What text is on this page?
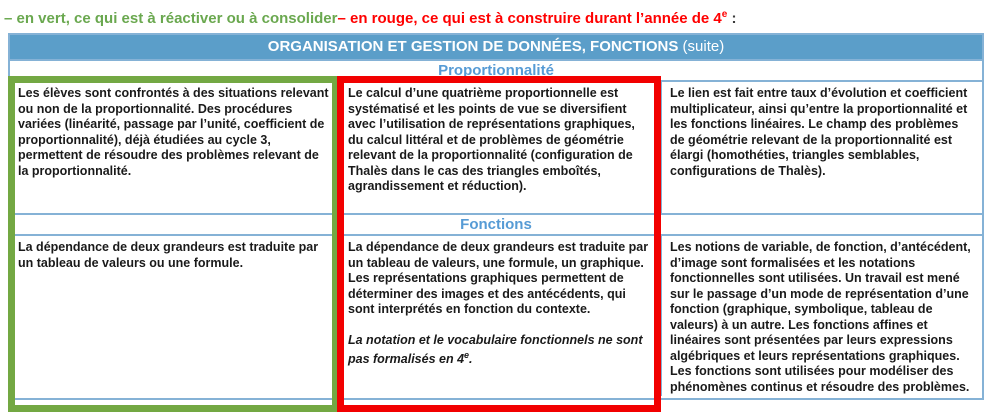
– en vert, ce qui est à réactiver ou à consolider– en rouge, ce qui est à construire durant l’année de 4e :

ORGANISATION ET GESTION DE DONNÉES, FONCTIONS (suite)
Proportionnalité
Les élèves sont confrontés à des situations relevant ou non de la proportionnalité. Des procédures variées (linéarité, passage par l’unité, coefficient de proportionnalité), déjà étudiées au cycle 3, permettent de résoudre des problèmes relevant de la proportionnalité.
Le calcul d’une quatrième proportionnelle est systématisé et les points de vue se diversifient avec l’utilisation de représentations graphiques, du calcul littéral et de problèmes de géométrie relevant de la proportionnalité (configuration de Thalès dans le cas des triangles emboîtés, agrandissement et réduction).
Le lien est fait entre taux d’évolution et coefficient multiplicateur, ainsi qu’entre la proportionnalité et les fonctions linéaires. Le champ des problèmes de géométrie relevant de la proportionnalité est élargi (homothéties, triangles semblables, configurations de Thalès).
Fonctions
La dépendance de deux grandeurs est traduite par un tableau de valeurs ou une formule.

La dépendance de deux grandeurs est traduite par un tableau de valeurs, une formule, un graphique. Les représentations graphiques permettent de déterminer des images et des antécédents, qui sont interprétés en fonction du contexte.

La notation et le vocabulaire fonctionnels ne sont pas formalisés en 4e.

Les notions de variable, de fonction, d’antécédent, d’image sont formalisées et les notations fonctionnelles sont utilisées. Un travail est mené sur le passage d’un mode de représentation d’une fonction (graphique, symbolique, tableau de valeurs) à un autre. Les fonctions affines et linéaires sont présentées par leurs expressions algébriques et leurs représentations graphiques. Les fonctions sont utilisées pour modéliser des phénomènes continus et résoudre des problèmes.
